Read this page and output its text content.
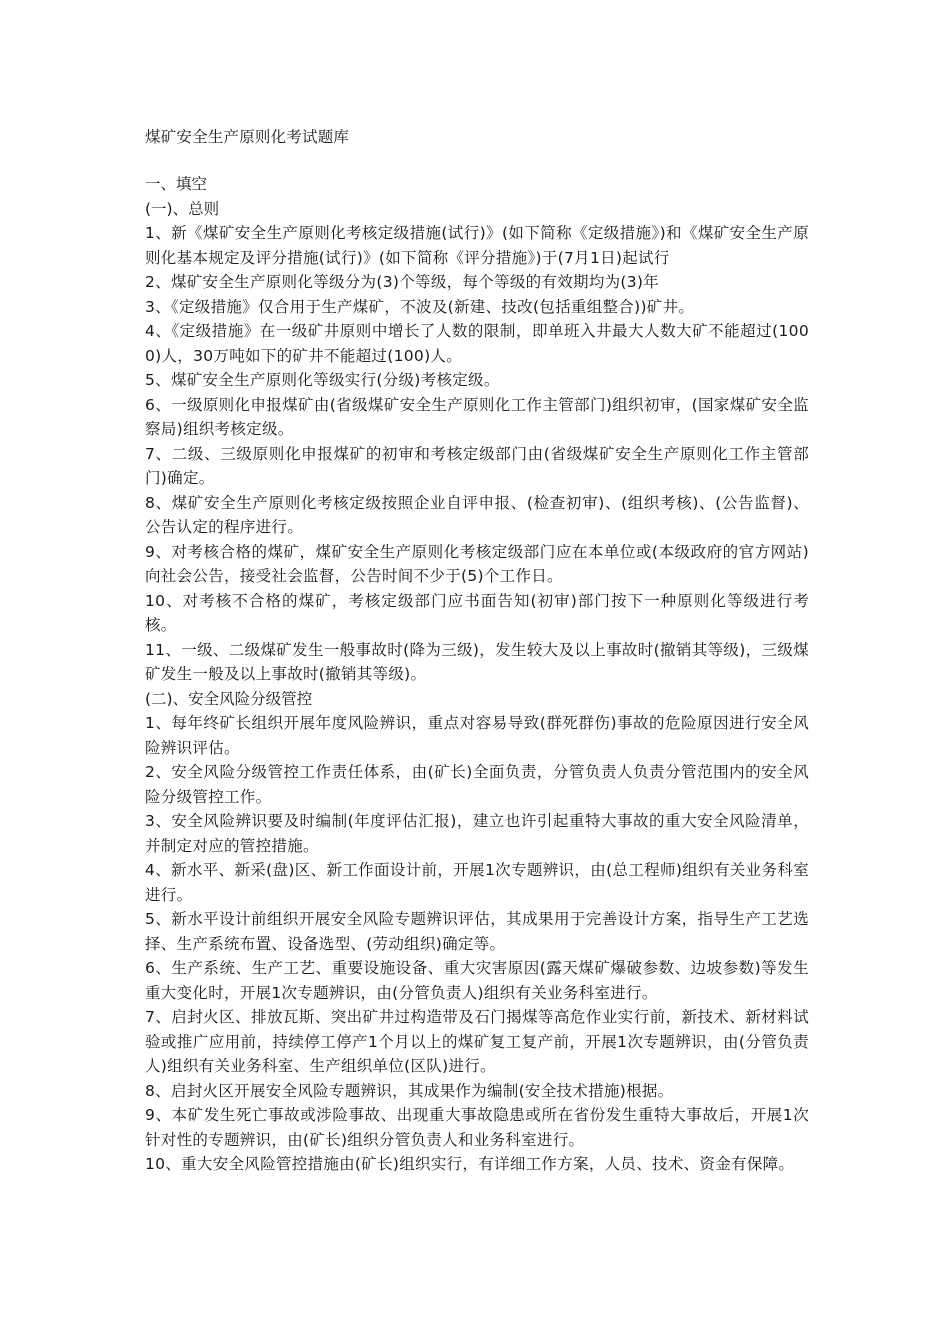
煤矿安全生产原则化考试题库

一、填空

(一)、总则

1、新《煤矿安全生产原则化考核定级措施(试行)》(如下简称《定级措施》)和《煤矿安全生产原则化基本规定及评分措施(试行)》(如下简称《评分措施》)于(7月1日)起试行

2、煤矿安全生产原则化等级分为(3)个等级，每个等级的有效期均为(3)年

3、《定级措施》仅合用于生产煤矿，不波及(新建、技改(包括重组整合))矿井。

4、《定级措施》在一级矿井原则中增长了人数的限制，即单班入井最大人数大矿不能超过(1000)人，30万吨如下的矿井不能超过(100)人。

5、煤矿安全生产原则化等级实行(分级)考核定级。

6、一级原则化申报煤矿由(省级煤矿安全生产原则化工作主管部门)组织初审，(国家煤矿安全监察局)组织考核定级。

7、二级、三级原则化申报煤矿的初审和考核定级部门由(省级煤矿安全生产原则化工作主管部门)确定。

8、煤矿安全生产原则化考核定级按照企业自评申报、(检查初审)、(组织考核)、(公告监督)、公告认定的程序进行。

9、对考核合格的煤矿，煤矿安全生产原则化考核定级部门应在本单位或(本级政府的官方网站)向社会公告，接受社会监督，公告时间不少于(5)个工作日。

10、对考核不合格的煤矿，考核定级部门应书面告知(初审)部门按下一种原则化等级进行考核。

11、一级、二级煤矿发生一般事故时(降为三级)，发生较大及以上事故时(撤销其等级)，三级煤矿发生一般及以上事故时(撤销其等级)。

(二)、安全风险分级管控

1、每年终矿长组织开展年度风险辨识，重点对容易导致(群死群伤)事故的危险原因进行安全风险辨识评估。

2、安全风险分级管控工作责任体系，由(矿长)全面负责，分管负责人负责分管范围内的安全风险分级管控工作。

3、安全风险辨识要及时编制(年度评估汇报)，建立也许引起重特大事故的重大安全风险清单，并制定对应的管控措施。

4、新水平、新采(盘)区、新工作面设计前，开展1次专题辨识，由(总工程师)组织有关业务科室进行。

5、新水平设计前组织开展安全风险专题辨识评估，其成果用于完善设计方案，指导生产工艺选择、生产系统布置、设备选型、(劳动组织)确定等。

6、生产系统、生产工艺、重要设施设备、重大灾害原因(露天煤矿爆破参数、边坡参数)等发生重大变化时，开展1次专题辨识，由(分管负责人)组织有关业务科室进行。

7、启封火区、排放瓦斯、突出矿井过构造带及石门揭煤等高危作业实行前，新技术、新材料试验或推广应用前，持续停工停产1个月以上的煤矿复工复产前，开展1次专题辨识，由(分管负责人)组织有关业务科室、生产组织单位(区队)进行。

8、启封火区开展安全风险专题辨识，其成果作为编制(安全技术措施)根据。

9、本矿发生死亡事故或涉险事故、出现重大事故隐患或所在省份发生重特大事故后，开展1次针对性的专题辨识，由(矿长)组织分管负责人和业务科室进行。

10、重大安全风险管控措施由(矿长)组织实行，有详细工作方案，人员、技术、资金有保障。
